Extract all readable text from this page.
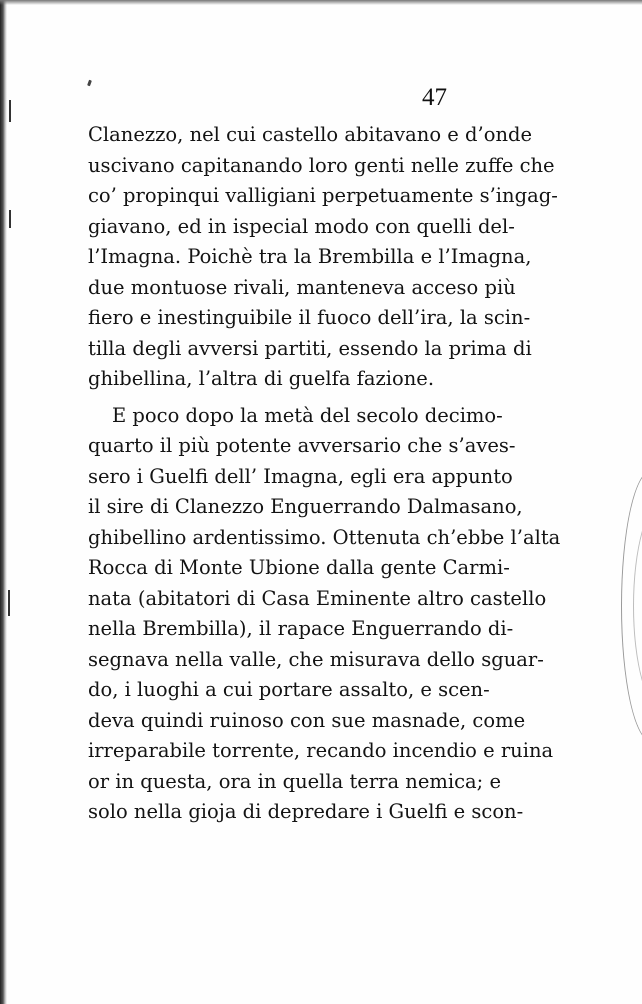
47
Clanezzo, nel cui castello abitavano e d’onde
uscivano capitanando loro genti nelle zuffe che
co’ propinqui valligiani perpetuamente s’ingag-
giavano, ed in ispecial modo con quelli del-
l’Imagna. Poichè tra la Brembilla e l’Imagna,
due montuose rivali, manteneva acceso più
fiero e inestinguibile il fuoco dell’ira, la scin-
tilla degli avversi partiti, essendo la prima di
ghibellina, l’altra di guelfa fazione.
E poco dopo la metà del secolo decimo-
quarto il più potente avversario che s’aves-
sero i Guelfi dell’ Imagna, egli era appunto
il sire di Clanezzo Enguerrando Dalmasano,
ghibellino ardentissimo. Ottenuta ch’ebbe l’alta
Rocca di Monte Ubione dalla gente Carmi-
nata (abitatori di Casa Eminente altro castello
nella Brembilla), il rapace Enguerrando di-
segnava nella valle, che misurava dello sguar-
do, i luoghi a cui portare assalto, e scen-
deva quindi ruinoso con sue masnade, come
irreparabile torrente, recando incendio e ruina
or in questa, ora in quella terra nemica; e
solo nella gioja di depredare i Guelfi e scon-
